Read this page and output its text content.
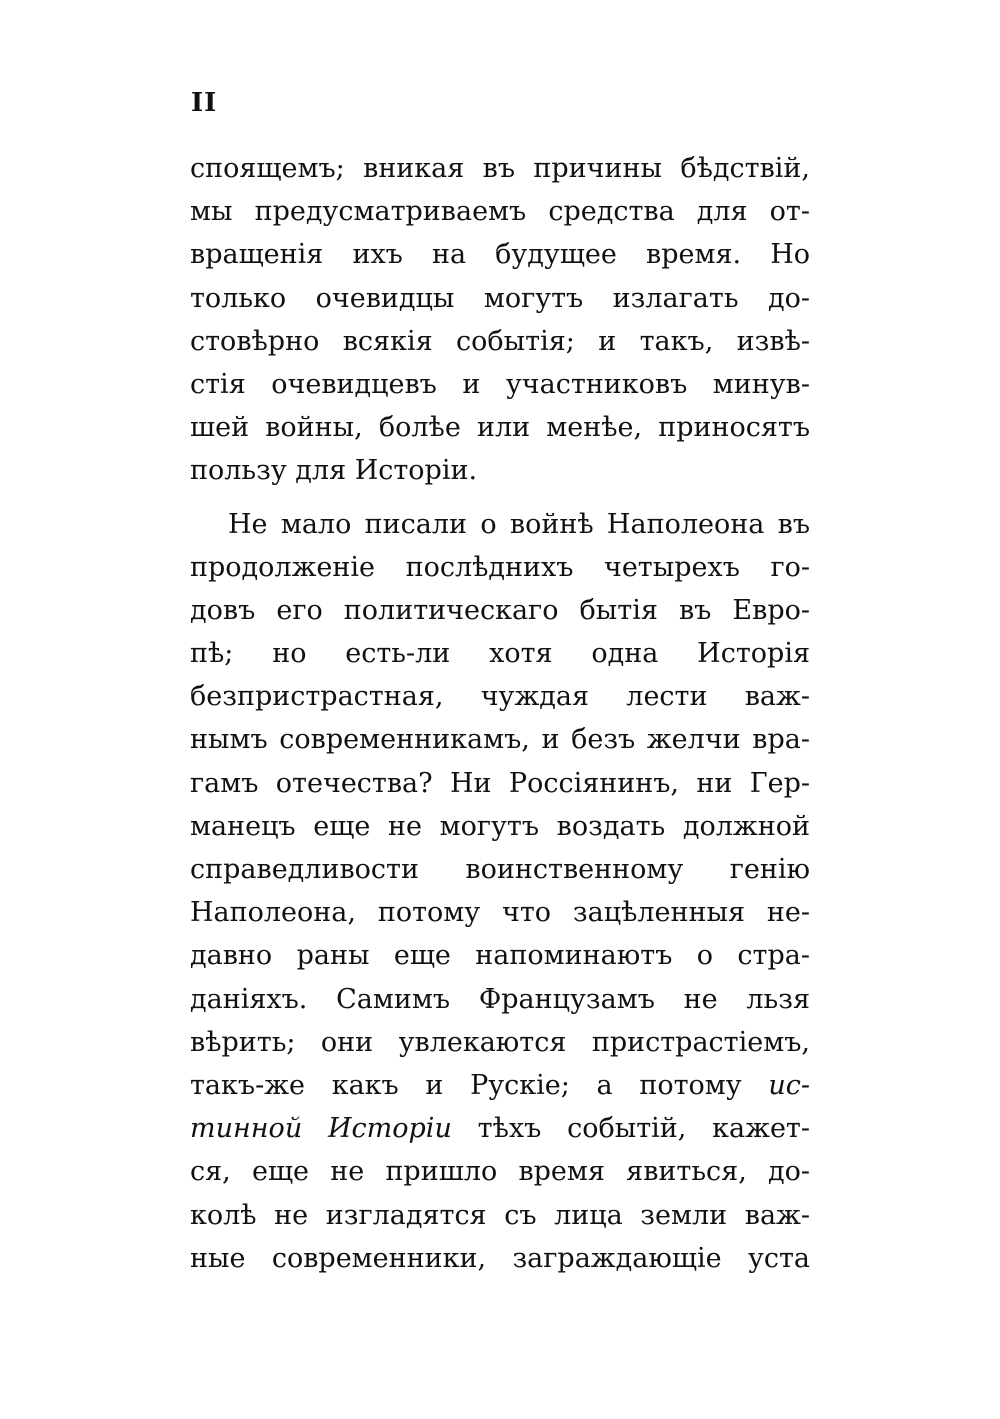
II
споящемъ; вникая въ причины бѣдствій,
мы предусматриваемъ средства для от-
вращенія ихъ на будущее время. Но
только очевидцы могутъ излагать до-
стовѣрно всякія событія; и такъ, извѣ-
стія очевидцевъ и участниковъ минув-
шей войны, болѣе или менѣе, приносятъ
пользу для Исторіи.
Не мало писали о войнѣ Наполеона въ
продолженіе послѣднихъ четырехъ го-
довъ его политическаго бытія въ Евро-
пѣ; но есть-ли хотя одна Исторія
безпристрастная, чуждая лести важ-
нымъ современникамъ, и безъ желчи вра-
гамъ отечества? Ни Россіянинъ, ни Гер-
манецъ еще не могутъ воздать должной
справедливости воинственному генію
Наполеона, потому что зацѣленныя не-
давно раны еще напоминаютъ о стра-
даніяхъ. Самимъ Французамъ не льзя
вѣрить; они увлекаются пристрастіемъ,
такъ-же какъ и Рускіе; а потому ис-
тинной Исторіи тѣхъ событій, кажет-
ся, еще не пришло время явиться, до-
колѣ не изгладятся съ лица земли важ-
ные современники, заграждающіе уста
